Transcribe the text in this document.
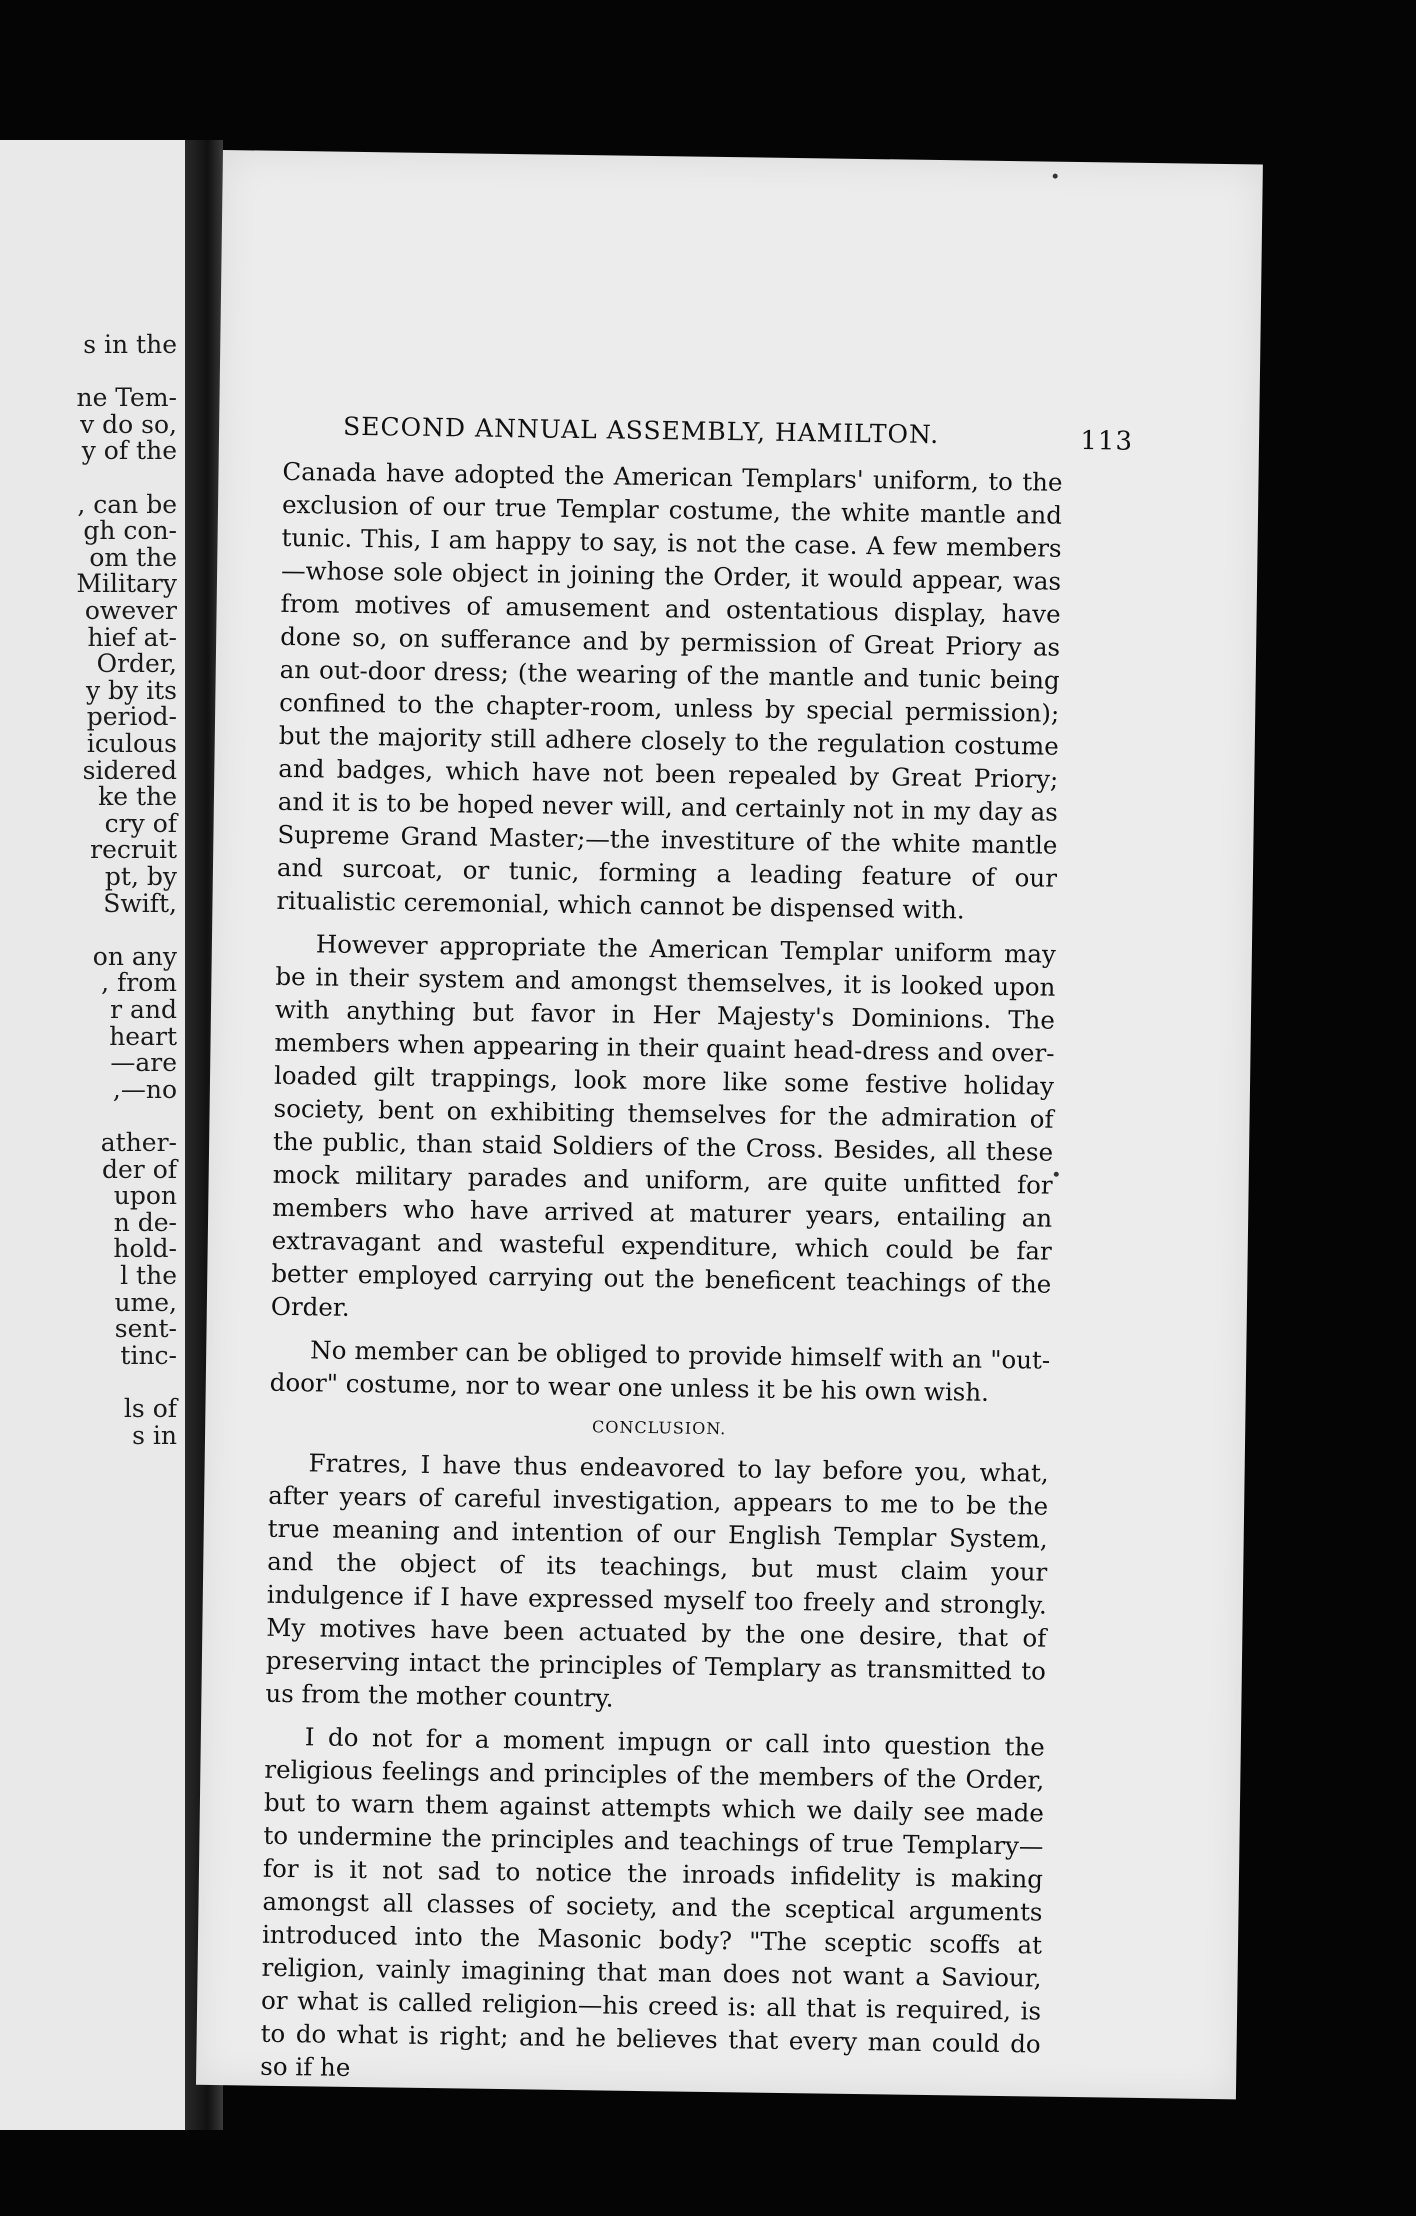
s in the
ne Tem-
v do so,
y of the
, can be
gh con-
om the
Military
owever
hief at-
Order,
y by its
period-
iculous
sidered
ke the
cry of
recruit
pt, by
Swift,
on any
, from
r and
heart
—are
,—no
ather-
der of
upon
n de-
hold-
l the
ume,
sent-
tinc-
ls of
s in
SECOND ANNUAL ASSEMBLY, HAMILTON.	113

Canada have adopted the American Templars' uniform, to the exclusion of our true Templar costume, the white mantle and tunic. This, I am happy to say, is not the case. A few members—whose sole object in joining the Order, it would appear, was from motives of amusement and ostentatious display, have done so, on sufferance and by permission of Great Priory as an out-door dress; (the wearing of the mantle and tunic being confined to the chapter-room, unless by special permission); but the majority still adhere closely to the regulation costume and badges, which have not been repealed by Great Priory; and it is to be hoped never will, and certainly not in my day as Supreme Grand Master;—the investiture of the white mantle and surcoat, or tunic, forming a leading feature of our ritualistic ceremonial, which cannot be dispensed with.

However appropriate the American Templar uniform may be in their system and amongst themselves, it is looked upon with anything but favor in Her Majesty's Dominions. The members when appearing in their quaint head-dress and over-loaded gilt trappings, look more like some festive holiday society, bent on exhibiting themselves for the admiration of the public, than staid Soldiers of the Cross. Besides, all these mock military parades and uniform, are quite unfitted for members who have arrived at maturer years, entailing an extravagant and wasteful expenditure, which could be far better employed carrying out the beneficent teachings of the Order.

No member can be obliged to provide himself with an "out-door" costume, nor to wear one unless it be his own wish.

CONCLUSION.

Fratres, I have thus endeavored to lay before you, what, after years of careful investigation, appears to me to be the true meaning and intention of our English Templar System, and the object of its teachings, but must claim your indulgence if I have expressed myself too freely and strongly. My motives have been actuated by the one desire, that of preserving intact the principles of Templary as transmitted to us from the mother country.

I do not for a moment impugn or call into question the religious feelings and principles of the members of the Order, but to warn them against attempts which we daily see made to undermine the principles and teachings of true Templary—for is it not sad to notice the inroads infidelity is making amongst all classes of society, and the sceptical arguments introduced into the Masonic body? "The sceptic scoffs at religion, vainly imagining that man does not want a Saviour, or what is called religion—his creed is: all that is required, is to do what is right; and he believes that every man could do so if he
